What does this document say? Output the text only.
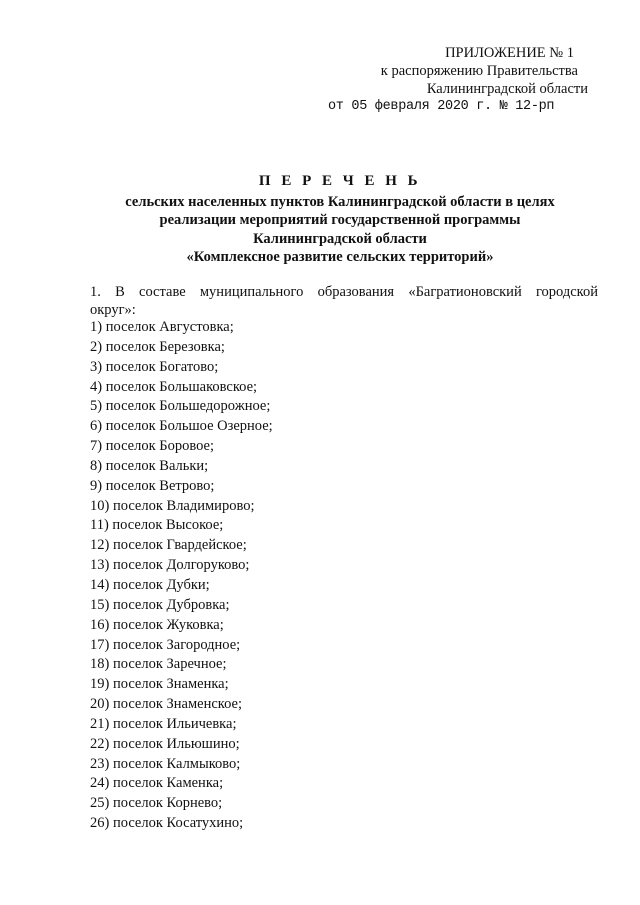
ПРИЛОЖЕНИЕ № 1
к распоряжению Правительства
Калининградской области
от 05 февраля 2020 г. № 12-рп
П Е Р Е Ч Е Н Ь
сельских населенных пунктов Калининградской области в целях
реализации мероприятий государственной программы
Калининградской области
«Комплексное развитие сельских территорий»
1. В составе муниципального образования «Багратионовский городской
округ»:
1) поселок Августовка;
2) поселок Березовка;
3) поселок Богатово;
4) поселок Большаковское;
5) поселок Большедорожное;
6) поселок Большое Озерное;
7) поселок Боровое;
8) поселок Вальки;
9) поселок Ветрово;
10) поселок Владимирово;
11) поселок Высокое;
12) поселок Гвардейское;
13) поселок Долгоруково;
14) поселок Дубки;
15) поселок Дубровка;
16) поселок Жуковка;
17) поселок Загородное;
18) поселок Заречное;
19) поселок Знаменка;
20) поселок Знаменское;
21) поселок Ильичевка;
22) поселок Ильюшино;
23) поселок Калмыково;
24) поселок Каменка;
25) поселок Корнево;
26) поселок Косатухино;
